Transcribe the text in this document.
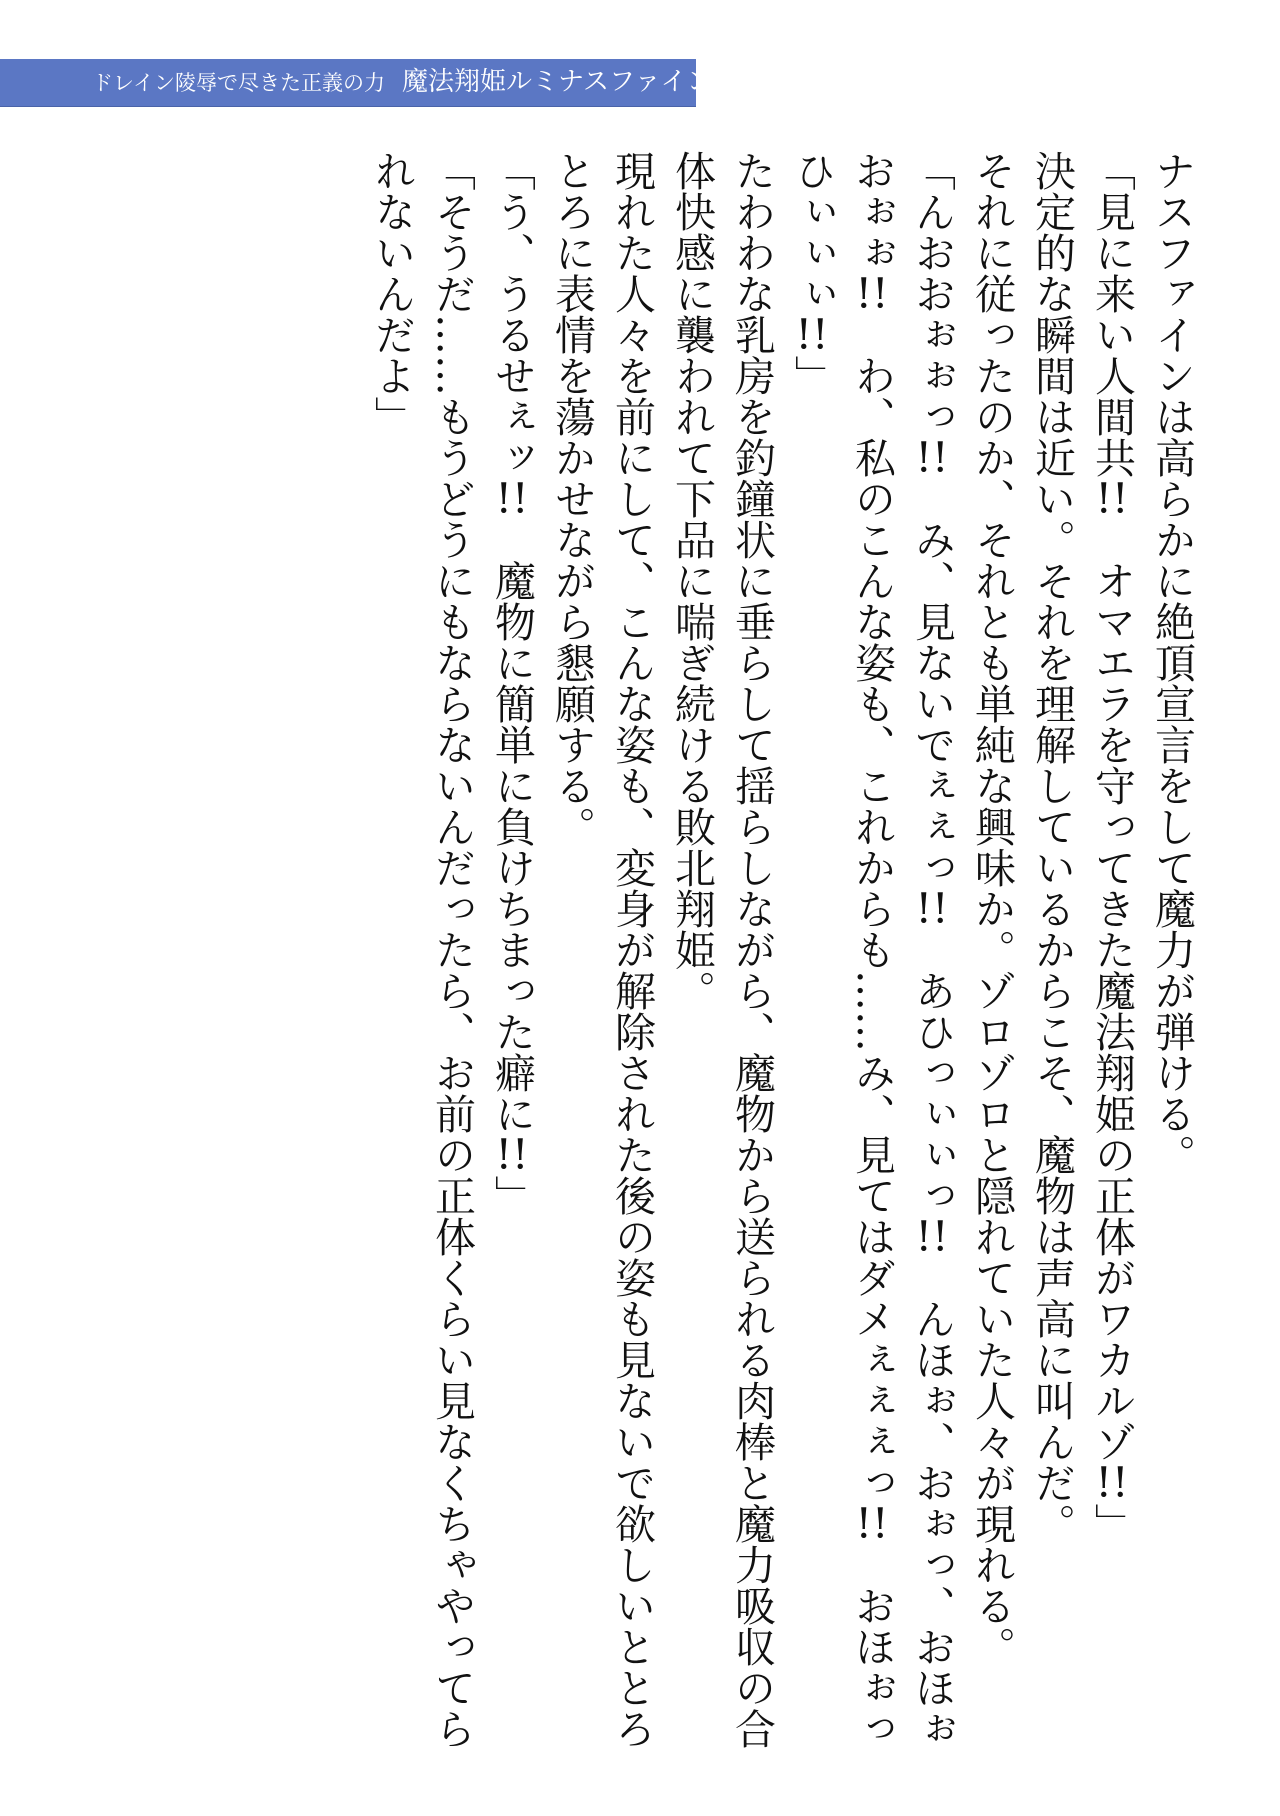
ドレイン陵辱で尽きた正義の力 魔法翔姫ルミナスファイン

ナスファインは高らかに絶頂宣言をして魔力が弾ける。

「見に来い人間共!!　オマエラを守ってきた魔法翔姫の正体がワカルゾ!!」

決定的な瞬間は近い。それを理解しているからこそ、魔物は声高に叫んだ。

それに従ったのか、それとも単純な興味か。ゾロゾロと隠れていた人々が現れる。

「んおおぉぉっ!!　み、見ないでぇぇっ!!　あひっぃぃっ!!　んほぉ、おぉっ、おほぉおぉぉ!!　わ、私のこんな姿も、これからも……み、見てはダメぇぇぇっ!!　おほぉっひぃぃぃ!!」

たわわな乳房を釣鐘状に垂らして揺らしながら、魔物から送られる肉棒と魔力吸収の合体快感に襲われて下品に喘ぎ続ける敗北翔姫。

現れた人々を前にして、こんな姿も、変身が解除された後の姿も見ないで欲しいととろとろに表情を蕩かせながら懇願する。

「う、うるせぇッ!!　魔物に簡単に負けちまった癖に!!」

「そうだ……もうどうにもならないんだったら、お前の正体くらい見なくちゃやってられないんだよ」
